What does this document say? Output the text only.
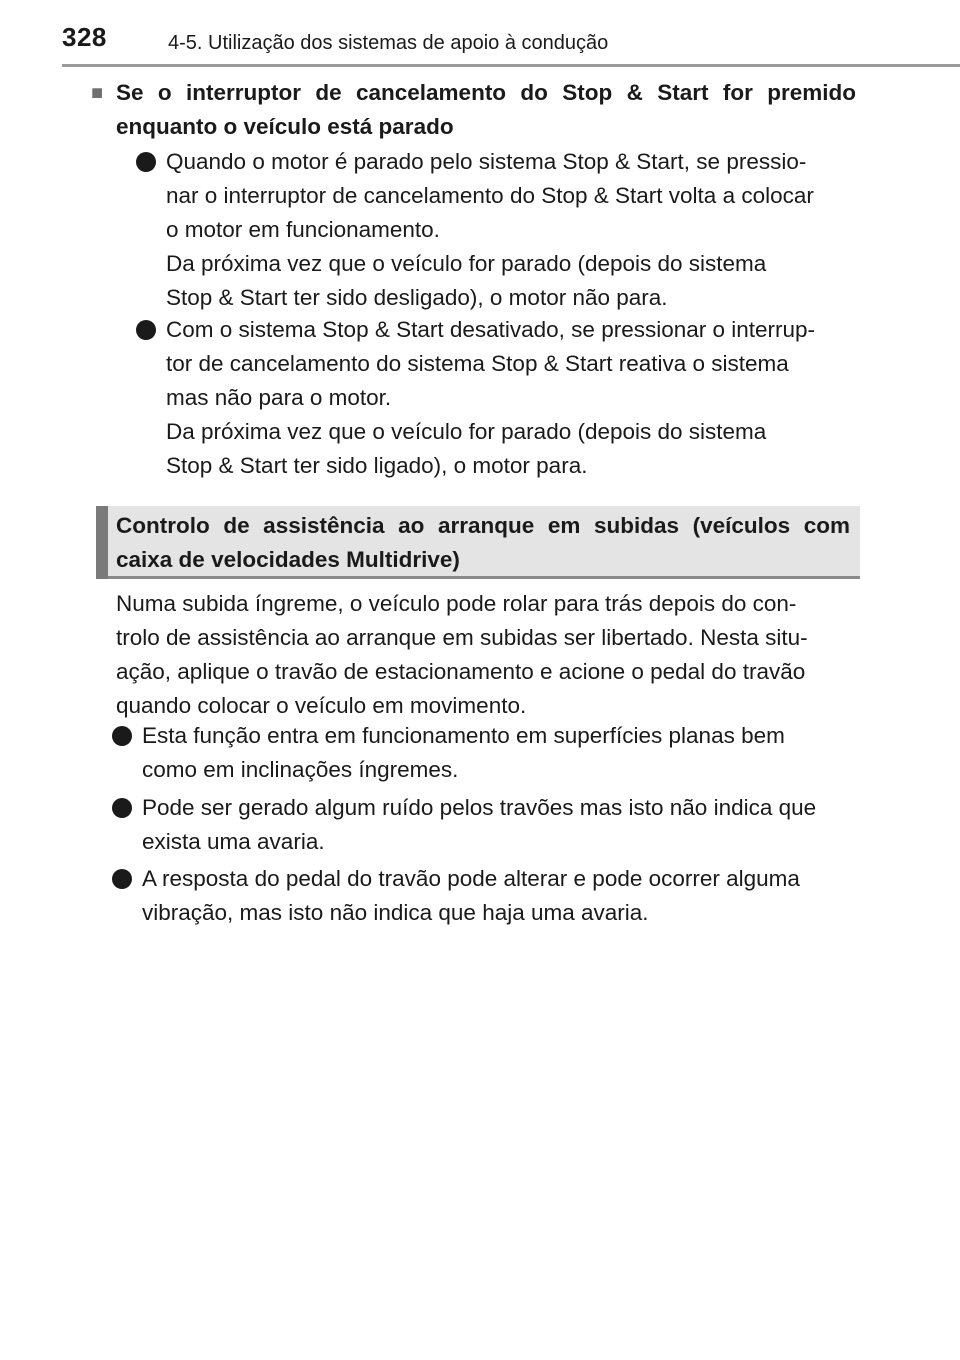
328	4-5. Utilização dos sistemas de apoio à condução
■ Se o interruptor de cancelamento do Stop & Start for premido enquanto o veículo está parado

Quando o motor é parado pelo sistema Stop & Start, se pressio-

nar o interruptor de cancelamento do Stop & Start volta a colocar

o motor em funcionamento.

Da próxima vez que o veículo for parado (depois do sistema

Stop & Start ter sido desligado), o motor não para.

Com o sistema Stop & Start desativado, se pressionar o interrup-

tor de cancelamento do sistema Stop & Start reativa o sistema

mas não para o motor.

Da próxima vez que o veículo for parado (depois do sistema

Stop & Start ter sido ligado), o motor para.

Controlo de assistência ao arranque em subidas (veículos com caixa de velocidades Multidrive)

Numa subida íngreme, o veículo pode rolar para trás depois do con-

trolo de assistência ao arranque em subidas ser libertado. Nesta situ-

ação, aplique o travão de estacionamento e acione o pedal do travão

quando colocar o veículo em movimento.

Esta função entra em funcionamento em superfícies planas bem

como em inclinações íngremes.

Pode ser gerado algum ruído pelos travões mas isto não indica que

exista uma avaria.

A resposta do pedal do travão pode alterar e pode ocorrer alguma

vibração, mas isto não indica que haja uma avaria.
